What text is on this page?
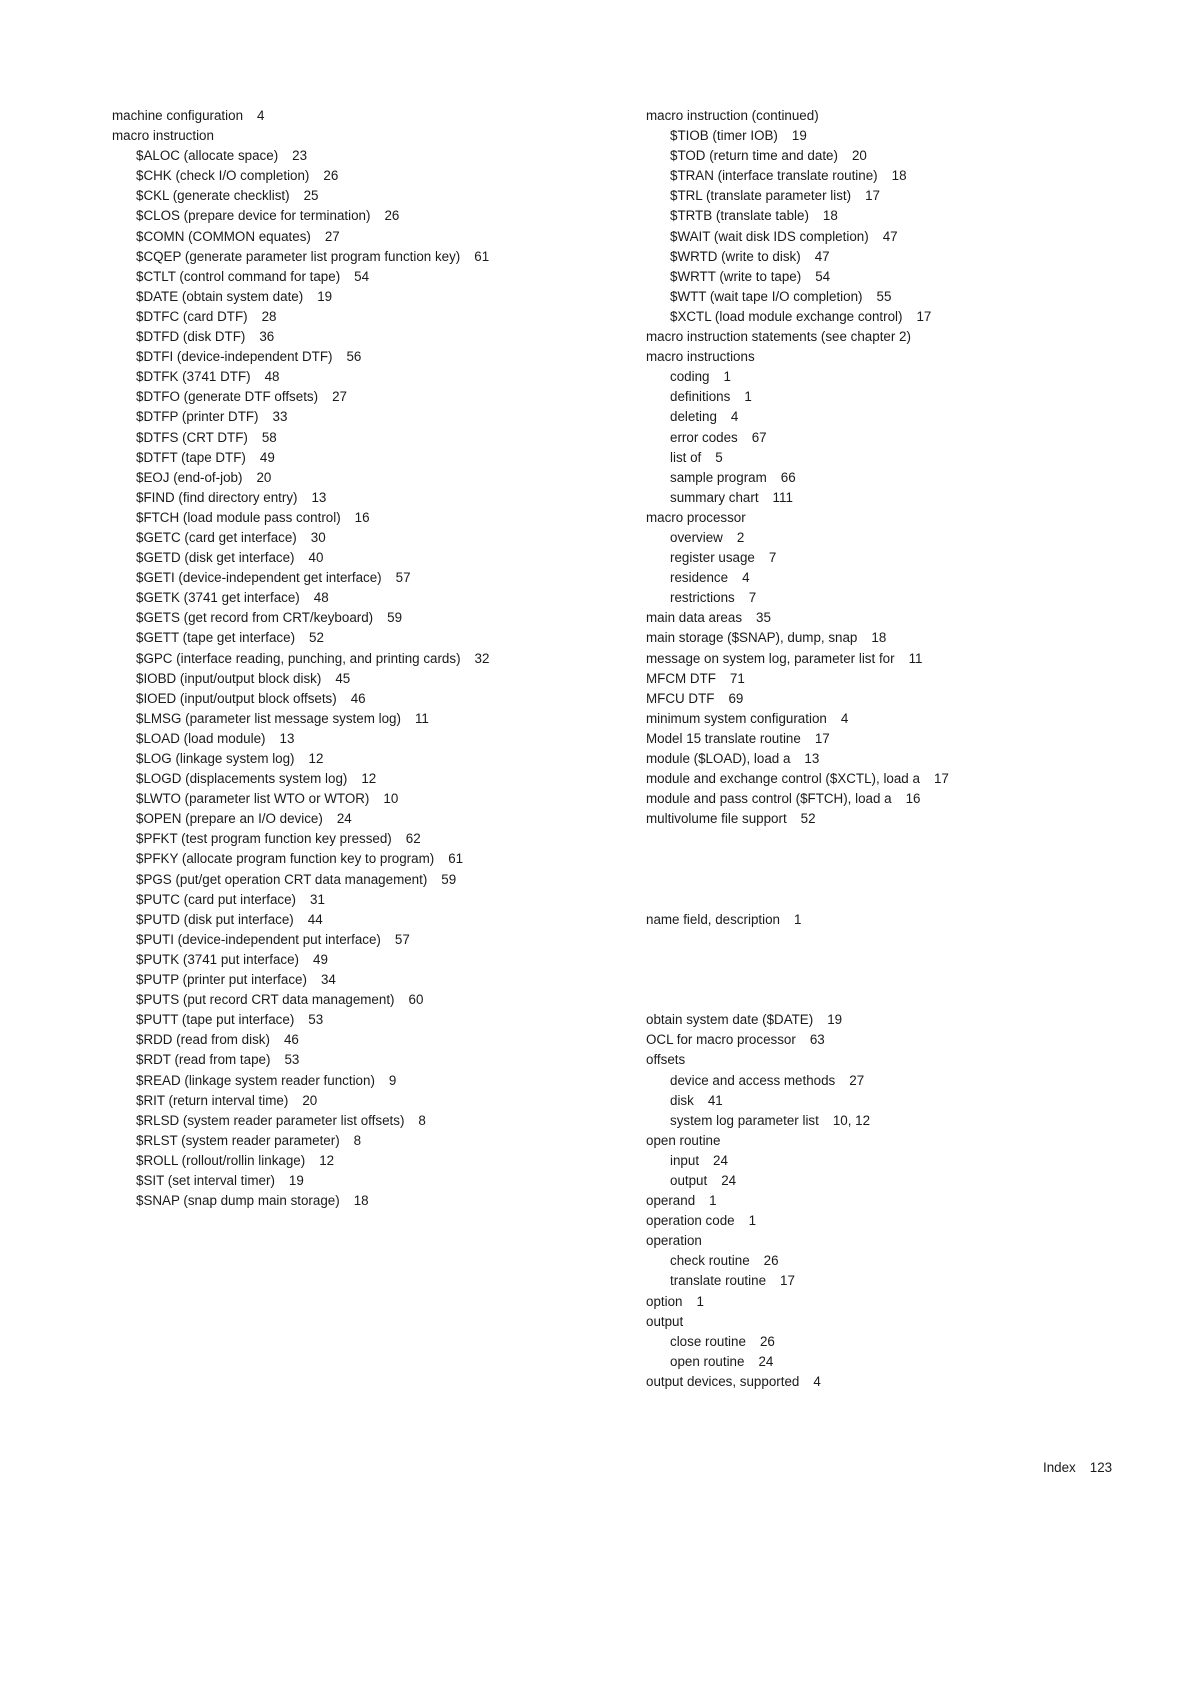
machine configuration 4
macro instruction
$ALOC (allocate space) 23
$CHK (check I/O completion) 26
$CKL (generate checklist) 25
$CLOS (prepare device for termination) 26
$COMN (COMMON equates) 27
$CQEP (generate parameter list program function key) 61
$CTLT (control command for tape) 54
$DATE (obtain system date) 19
$DTFC (card DTF) 28
$DTFD (disk DTF) 36
$DTFI (device-independent DTF) 56
$DTFK (3741 DTF) 48
$DTFO (generate DTF offsets) 27
$DTFP (printer DTF) 33
$DTFS (CRT DTF) 58
$DTFT (tape DTF) 49
$EOJ (end-of-job) 20
$FIND (find directory entry) 13
$FTCH (load module pass control) 16
$GETC (card get interface) 30
$GETD (disk get interface) 40
$GETI (device-independent get interface) 57
$GETK (3741 get interface) 48
$GETS (get record from CRT/keyboard) 59
$GETT (tape get interface) 52
$GPC (interface reading, punching, and printing cards) 32
$IOBD (input/output block disk) 45
$IOED (input/output block offsets) 46
$LMSG (parameter list message system log) 11
$LOAD (load module) 13
$LOG (linkage system log) 12
$LOGD (displacements system log) 12
$LWTO (parameter list WTO or WTOR) 10
$OPEN (prepare an I/O device) 24
$PFKT (test program function key pressed) 62
$PFKY (allocate program function key to program) 61
$PGS (put/get operation CRT data management) 59
$PUTC (card put interface) 31
$PUTD (disk put interface) 44
$PUTI (device-independent put interface) 57
$PUTK (3741 put interface) 49
$PUTP (printer put interface) 34
$PUTS (put record CRT data management) 60
$PUTT (tape put interface) 53
$RDD (read from disk) 46
$RDT (read from tape) 53
$READ (linkage system reader function) 9
$RIT (return interval time) 20
$RLSD (system reader parameter list offsets) 8
$RLST (system reader parameter) 8
$ROLL (rollout/rollin linkage) 12
$SIT (set interval timer) 19
$SNAP (snap dump main storage) 18
macro instruction (continued)
$TIOB (timer IOB) 19
$TOD (return time and date) 20
$TRAN (interface translate routine) 18
$TRL (translate parameter list) 17
$TRTB (translate table) 18
$WAIT (wait disk IDS completion) 47
$WRTD (write to disk) 47
$WRTT (write to tape) 54
$WTT (wait tape I/O completion) 55
$XCTL (load module exchange control) 17
macro instruction statements (see chapter 2)
macro instructions
coding 1
definitions 1
deleting 4
error codes 67
list of 5
sample program 66
summary chart 111
macro processor
overview 2
register usage 7
residence 4
restrictions 7
main data areas 35
main storage ($SNAP), dump, snap 18
message on system log, parameter list for 11
MFCM DTF 71
MFCU DTF 69
minimum system configuration 4
Model 15 translate routine 17
module ($LOAD), load a 13
module and exchange control ($XCTL), load a 17
module and pass control ($FTCH), load a 16
multivolume file support 52
name field, description 1
obtain system date ($DATE) 19
OCL for macro processor 63
offsets
device and access methods 27
disk 41
system log parameter list 10, 12
open routine
input 24
output 24
operand 1
operation code 1
operation
check routine 26
translate routine 17
option 1
output
close routine 26
open routine 24
output devices, supported 4
Index 123
